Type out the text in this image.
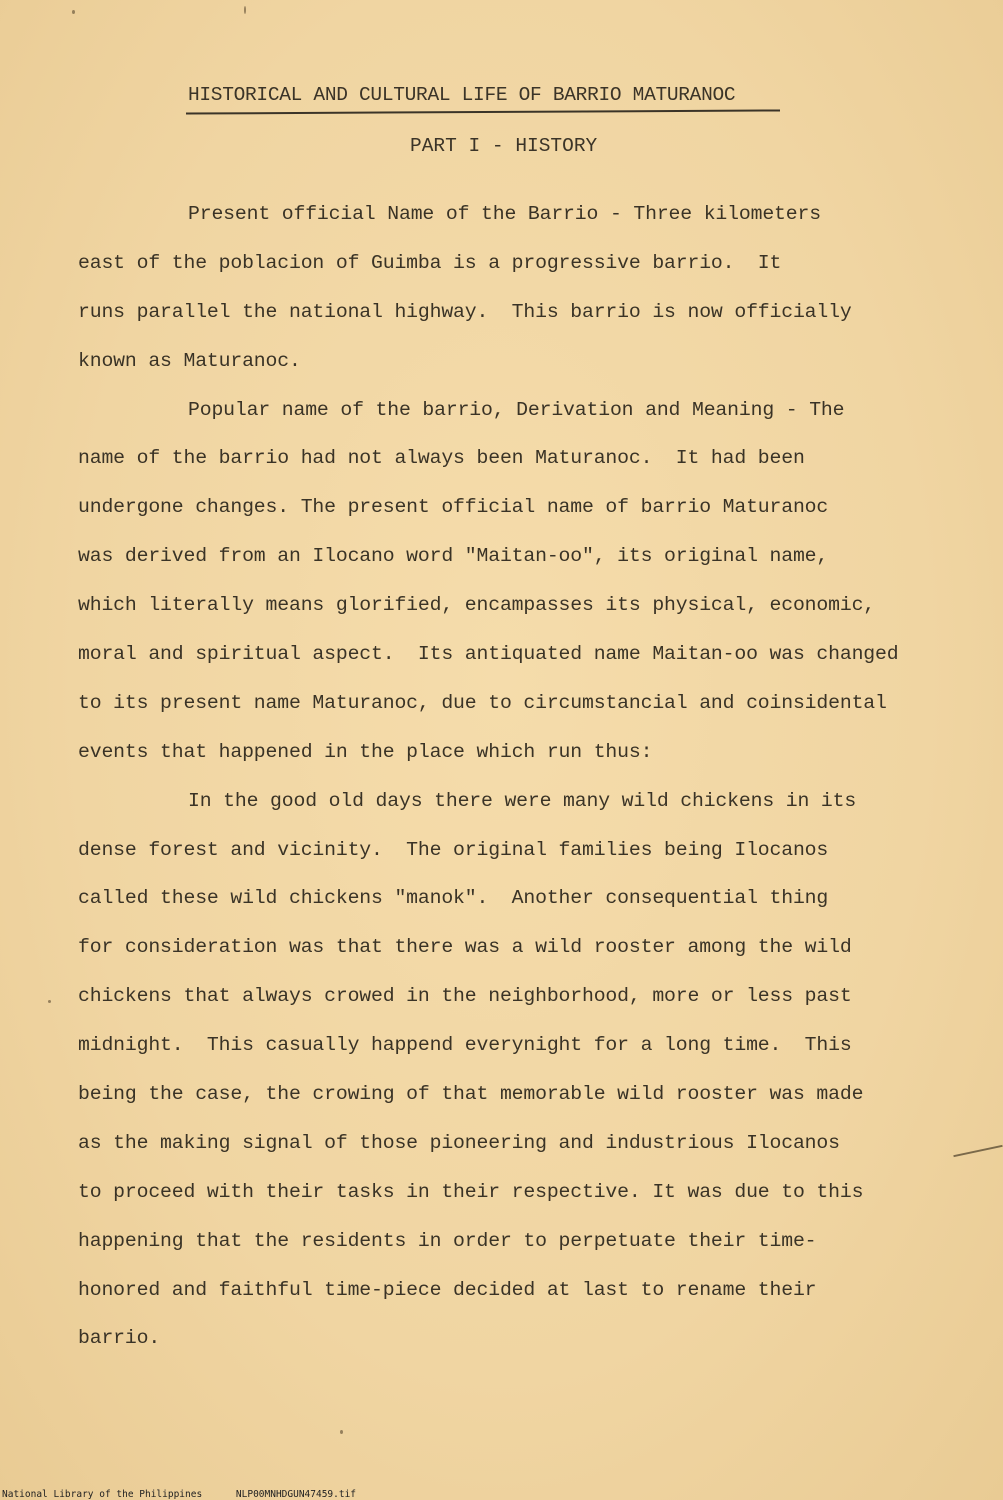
HISTORICAL AND CULTURAL LIFE OF BARRIO MATURANOC
PART I - HISTORY
Present official Name of the Barrio - Three kilometers
east of the poblacion of Guimba is a progressive barrio.  It
runs parallel the national highway.  This barrio is now officially
known as Maturanoc.
Popular name of the barrio, Derivation and Meaning - The
name of the barrio had not always been Maturanoc.  It had been
undergone changes. The present official name of barrio Maturanoc
was derived from an Ilocano word "Maitan-oo", its original name,
which literally means glorified, encampasses its physical, economic,
moral and spiritual aspect.  Its antiquated name Maitan-oo was changed
to its present name Maturanoc, due to circumstancial and coinsidental
events that happened in the place which run thus:
In the good old days there were many wild chickens in its
dense forest and vicinity.  The original families being Ilocanos
called these wild chickens "manok".  Another consequential thing
for consideration was that there was a wild rooster among the wild
chickens that always crowed in the neighborhood, more or less past
midnight.  This casually happend everynight for a long time.  This
being the case, the crowing of that memorable wild rooster was made
as the making signal of those pioneering and industrious Ilocanos
to proceed with their tasks in their respective. It was due to this
happening that the residents in order to perpetuate their time-
honored and faithful time-piece decided at last to rename their
barrio.
National Library of the Philippines	NLP00MNHDGUN47459.tif
